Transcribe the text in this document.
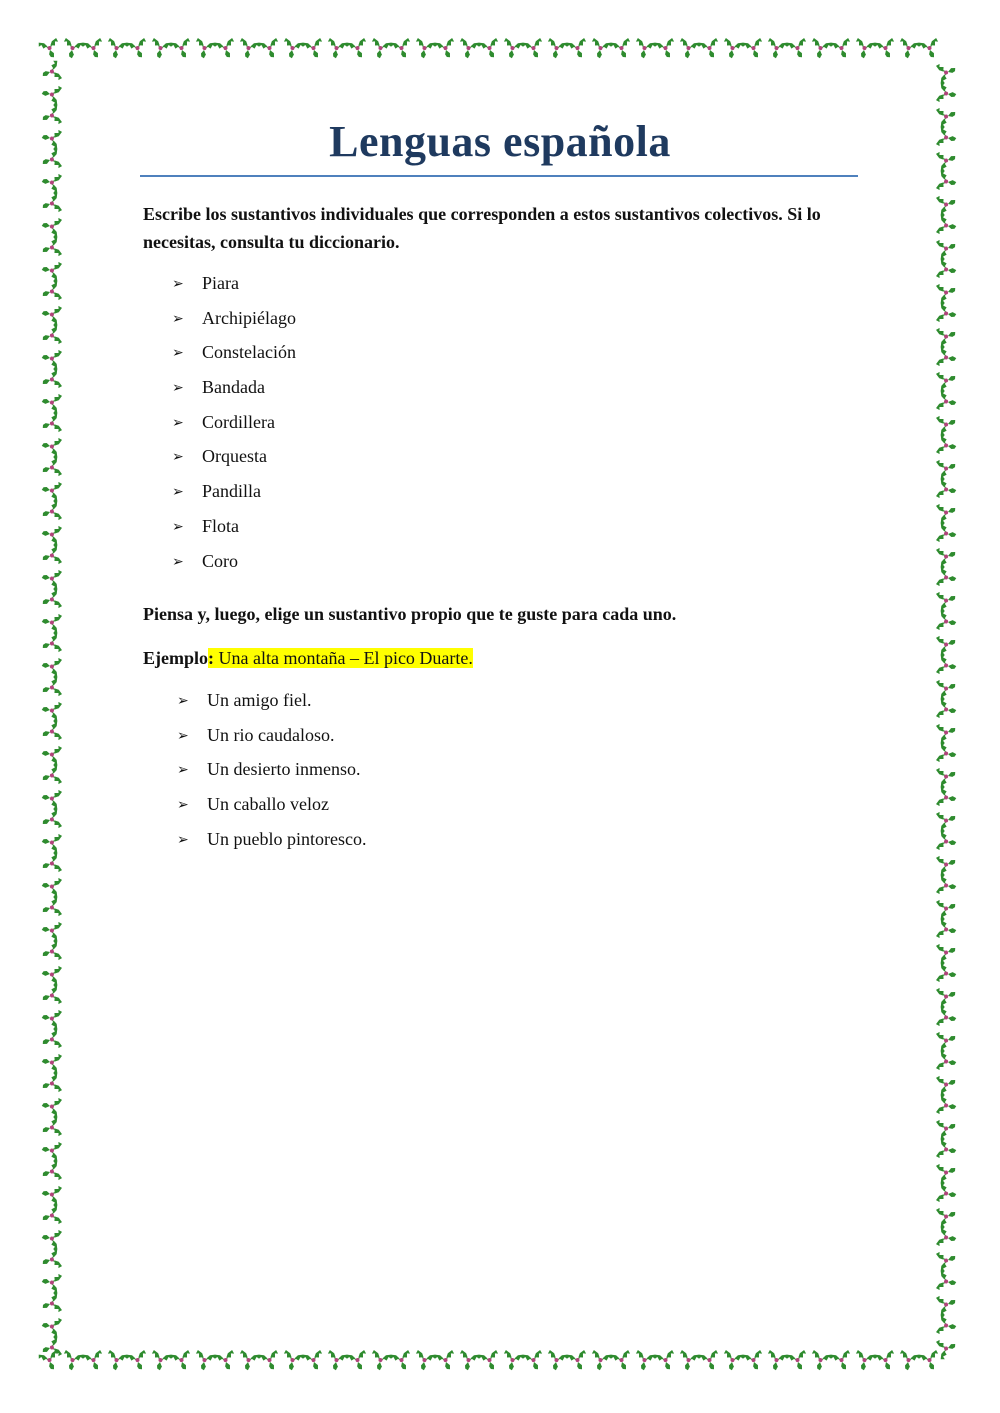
Lenguas española

Escribe los sustantivos individuales que corresponden a estos sustantivos colectivos. Si lo necesitas, consulta tu diccionario.

➢ Piara
➢ Archipiélago
➢ Constelación
➢ Bandada
➢ Cordillera
➢ Orquesta
➢ Pandilla
➢ Flota
➢ Coro

Piensa y, luego, elige un sustantivo propio que te guste para cada uno.

Ejemplo: Una alta montaña – El pico Duarte.
➢ Un amigo fiel.
➢ Un rio caudaloso.
➢ Un desierto inmenso.
➢ Un caballo veloz
➢ Un pueblo pintoresco.
